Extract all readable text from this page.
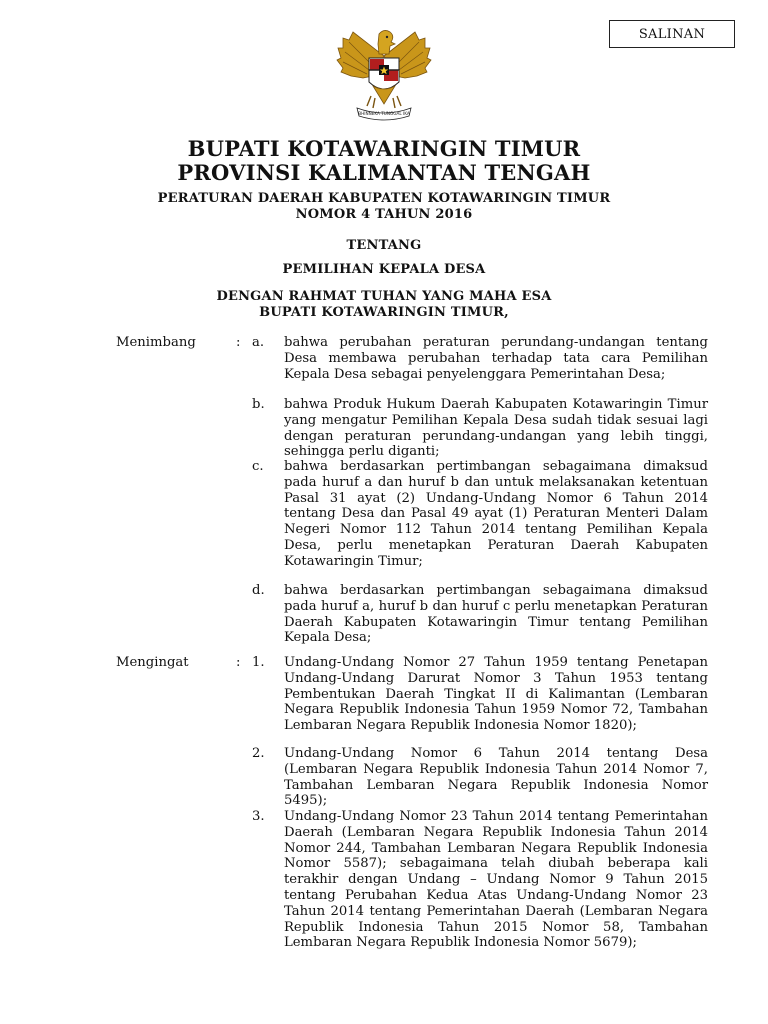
SALINAN
BHINNEKA TUNGGAL IKA
BUPATI KOTAWARINGIN TIMUR
PROVINSI KALIMANTAN TENGAH
PERATURAN DAERAH KABUPATEN KOTAWARINGIN TIMUR
NOMOR 4 TAHUN 2016
TENTANG
PEMILIHAN KEPALA DESA
DENGAN RAHMAT TUHAN YANG MAHA ESA
BUPATI KOTAWARINGIN TIMUR,
Menimbang	: a. bahwa perubahan peraturan perundang-undangan tentang Desa membawa perubahan terhadap tata cara Pemilihan Kepala Desa sebagai penyelenggara Pemerintahan Desa;

b. bahwa Produk Hukum Daerah Kabupaten Kotawaringin Timur yang mengatur Pemilihan Kepala Desa sudah tidak sesuai lagi dengan peraturan perundang-undangan yang lebih tinggi, sehingga perlu diganti;

c. bahwa berdasarkan pertimbangan sebagaimana dimaksud pada huruf a dan huruf b dan untuk melaksanakan ketentuan Pasal 31 ayat (2) Undang-Undang Nomor 6 Tahun 2014 tentang Desa dan Pasal 49 ayat (1) Peraturan Menteri Dalam Negeri Nomor 112 Tahun 2014 tentang Pemilihan Kepala Desa, perlu menetapkan Peraturan Daerah Kabupaten Kotawaringin Timur;

d. bahwa berdasarkan pertimbangan sebagaimana dimaksud pada huruf a, huruf b dan huruf c perlu menetapkan Peraturan Daerah Kabupaten Kotawaringin Timur tentang Pemilihan Kepala Desa;

Mengingat	: 1. Undang-Undang Nomor 27 Tahun 1959 tentang Penetapan Undang-Undang Darurat Nomor 3 Tahun 1953 tentang Pembentukan Daerah Tingkat II di Kalimantan (Lembaran Negara Republik Indonesia Tahun 1959 Nomor 72, Tambahan Lembaran Negara Republik Indonesia Nomor 1820);

2. Undang-Undang Nomor 6 Tahun 2014 tentang Desa (Lembaran Negara Republik Indonesia Tahun 2014 Nomor 7, Tambahan Lembaran Negara Republik Indonesia Nomor 5495);

3. Undang-Undang Nomor 23 Tahun 2014 tentang Pemerintahan Daerah (Lembaran Negara Republik Indonesia Tahun 2014 Nomor 244, Tambahan Lembaran Negara Republik Indonesia Nomor 5587); sebagaimana telah diubah beberapa kali terakhir dengan Undang – Undang Nomor 9 Tahun 2015 tentang Perubahan Kedua Atas Undang-Undang Nomor 23 Tahun 2014 tentang Pemerintahan Daerah (Lembaran Negara Republik Indonesia Tahun 2015 Nomor 58, Tambahan Lembaran Negara Republik Indonesia Nomor 5679);
